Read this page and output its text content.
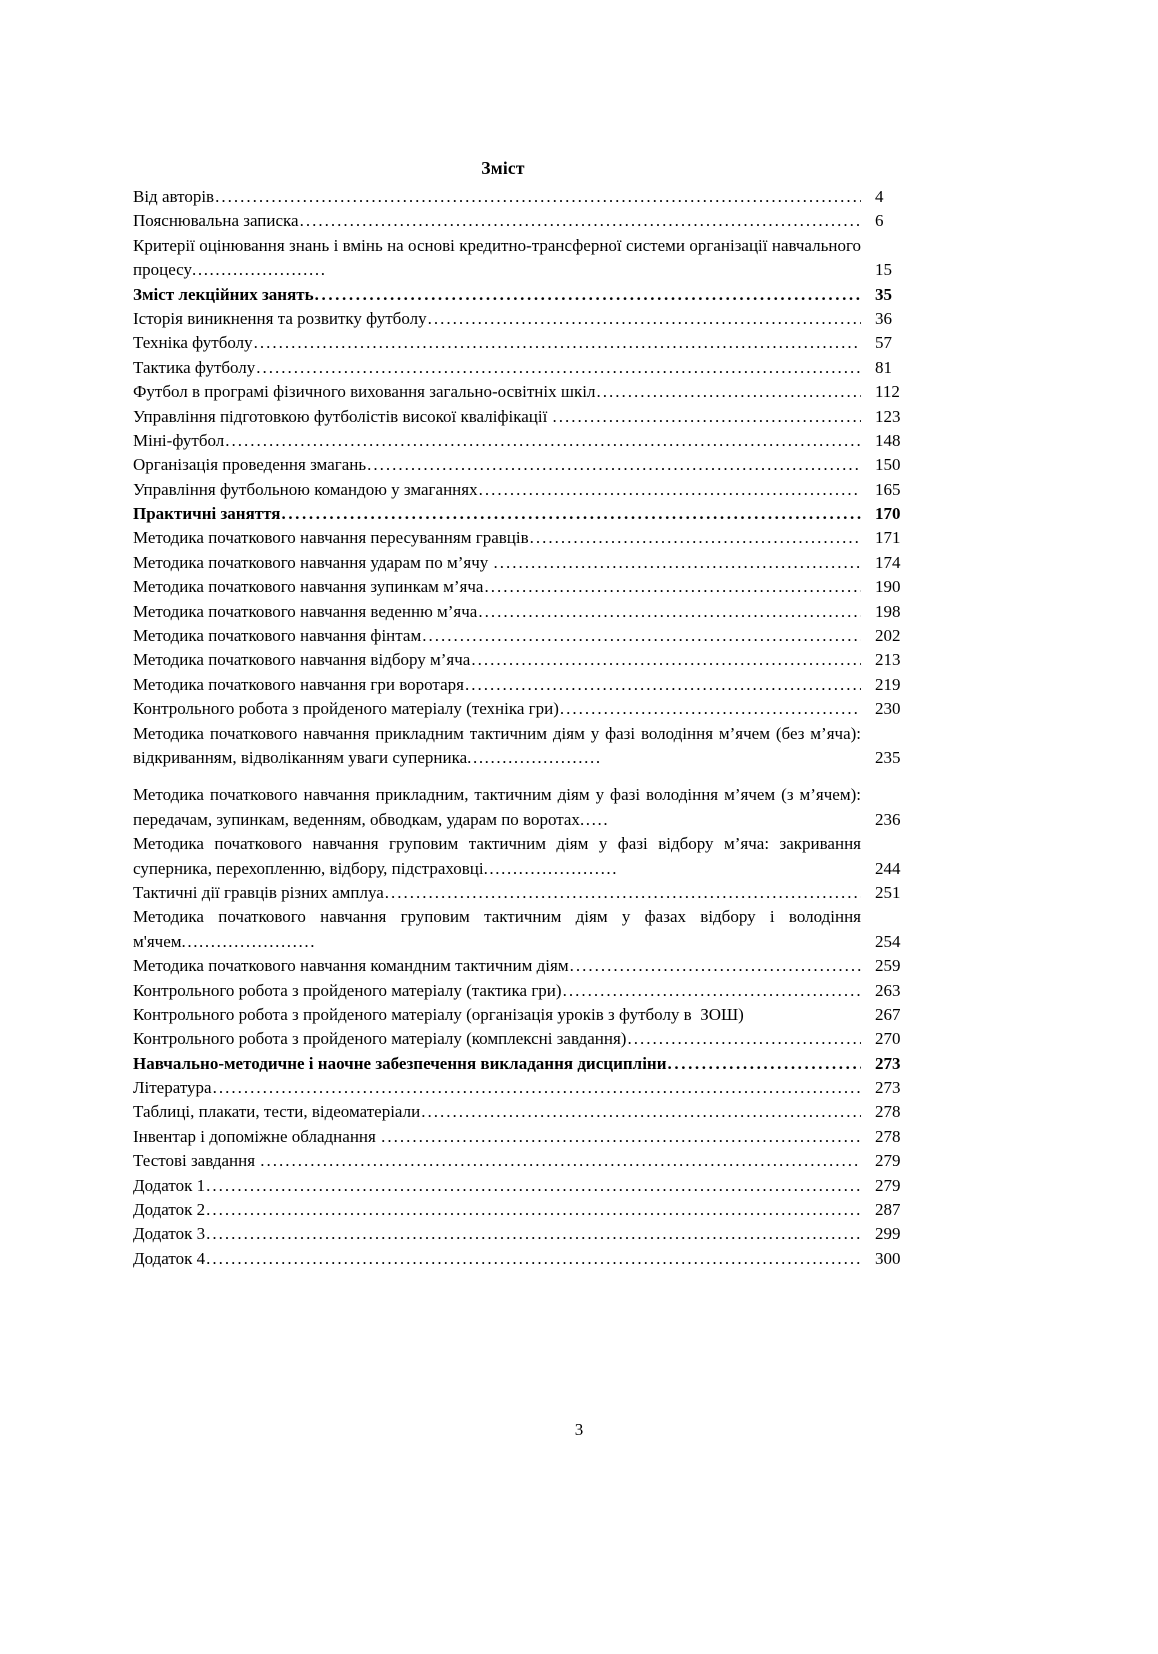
Зміст
Від авторів .....	4
Пояснювальна записка .....	6
Критерії оцінювання знань і вмінь на основі кредитно-трансферної системи організації навчального процесу.......................	15
Зміст лекційних занять .....	35
Історія виникнення та розвитку футболу .....	36
Техніка футболу .....	57
Тактика футболу .....	81
Футбол в програмі фізичного виховання загально-освітніх шкіл .....	112
Управління підготовкою футболістів високої кваліфікації .....	123
Міні-футбол .....	148
Організація проведення змагань .....	150
Управління футбольною командою у змаганнях .....	165
Практичні заняття .....	170
Методика початкового навчання пересуванням гравців .....	171
Методика початкового навчання ударам по м’ячу .....	174
Методика початкового навчання зупинкам м’яча .....	190
Методика початкового навчання веденню м’яча .....	198
Методика початкового навчання фінтам .....	202
Методика початкового навчання відбору м’яча .....	213
Методика початкового навчання гри воротаря .....	219
Контрольного робота з пройденого матеріалу (техніка гри) .....	230
Методика початкового навчання прикладним тактичним діям у фазі володіння м’ячем (без м’яча): відкриванням, відволіканням уваги суперника.......................	235
Методика початкового навчання прикладним, тактичним діям у фазі володіння м’ячем (з м’ячем): передачам, зупинкам, веденням, обводкам, ударам по воротах.....	236
Методика початкового навчання груповим тактичним діям у фазі відбору м’яча: закривання суперника, перехопленню, відбору, підстраховці.......................	244
Тактичні дії гравців різних амплуа .....	251
Методика початкового навчання груповим тактичним діям у фазах відбору і володіння м'ячем.......................	254
Методика початкового навчання командним тактичним діям .....	259
Контрольного робота з пройденого матеріалу (тактика гри) .....	263
Контрольного робота з пройденого матеріалу (організація уроків з футболу в  ЗОШ)	267
Контрольного робота з пройденого матеріалу (комплексні завдання) .....	270
Навчально-методичне і наочне забезпечення викладання дисципліни .....	273
Література .....	273
Таблиці, плакати, тести, відеоматеріали .....	278
Інвентар і допоміжне обладнання .....	278
Тестові завдання .....	279
Додаток 1 .....	279
Додаток 2 .....	287
Додаток 3 .....	299
Додаток 4 .....	300
3
